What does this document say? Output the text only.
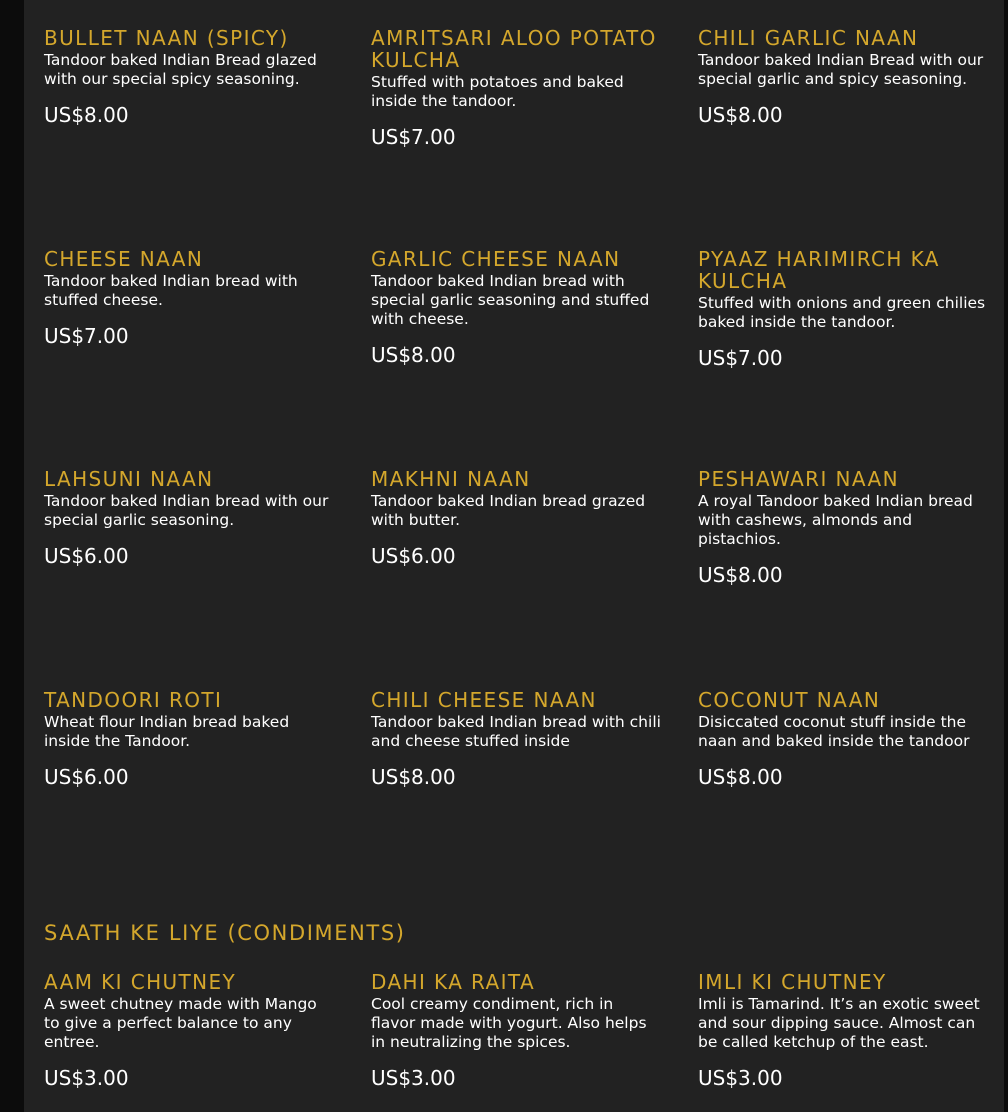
BULLET NAAN (SPICY)

Tandoor baked Indian Bread glazed with our special spicy seasoning.

US$8.00

AMRITSARI ALOO POTATO KULCHA

Stuffed with potatoes and baked inside the tandoor.

US$7.00

CHILI GARLIC NAAN

Tandoor baked Indian Bread with our special garlic and spicy seasoning.

US$8.00

CHEESE NAAN

Tandoor baked Indian bread with stuffed cheese.

US$7.00

GARLIC CHEESE NAAN

Tandoor baked Indian bread with special garlic seasoning and stuffed with cheese.

US$8.00

PYAAZ HARIMIRCH KA KULCHA

Stuffed with onions and green chilies baked inside the tandoor.

US$7.00

LAHSUNI NAAN

Tandoor baked Indian bread with our special garlic seasoning.

US$6.00

MAKHNI NAAN

Tandoor baked Indian bread grazed with butter.

US$6.00

PESHAWARI NAAN

A royal Tandoor baked Indian bread with cashews, almonds and pistachios.

US$8.00

TANDOORI ROTI

Wheat flour Indian bread baked inside the Tandoor.

US$6.00

CHILI CHEESE NAAN

Tandoor baked Indian bread with chili and cheese stuffed inside

US$8.00

COCONUT NAAN

Disiccated coconut stuff inside the naan and baked inside the tandoor

US$8.00

SAATH KE LIYE (CONDIMENTS)
AAM KI CHUTNEY

A sweet chutney made with Mango to give a perfect balance to any entree.

US$3.00

DAHI KA RAITA

Cool creamy condiment, rich in flavor made with yogurt. Also helps in neutralizing the spices.

US$3.00

IMLI KI CHUTNEY

Imli is Tamarind. It’s an exotic sweet and sour dipping sauce. Almost can be called ketchup of the east.

US$3.00
